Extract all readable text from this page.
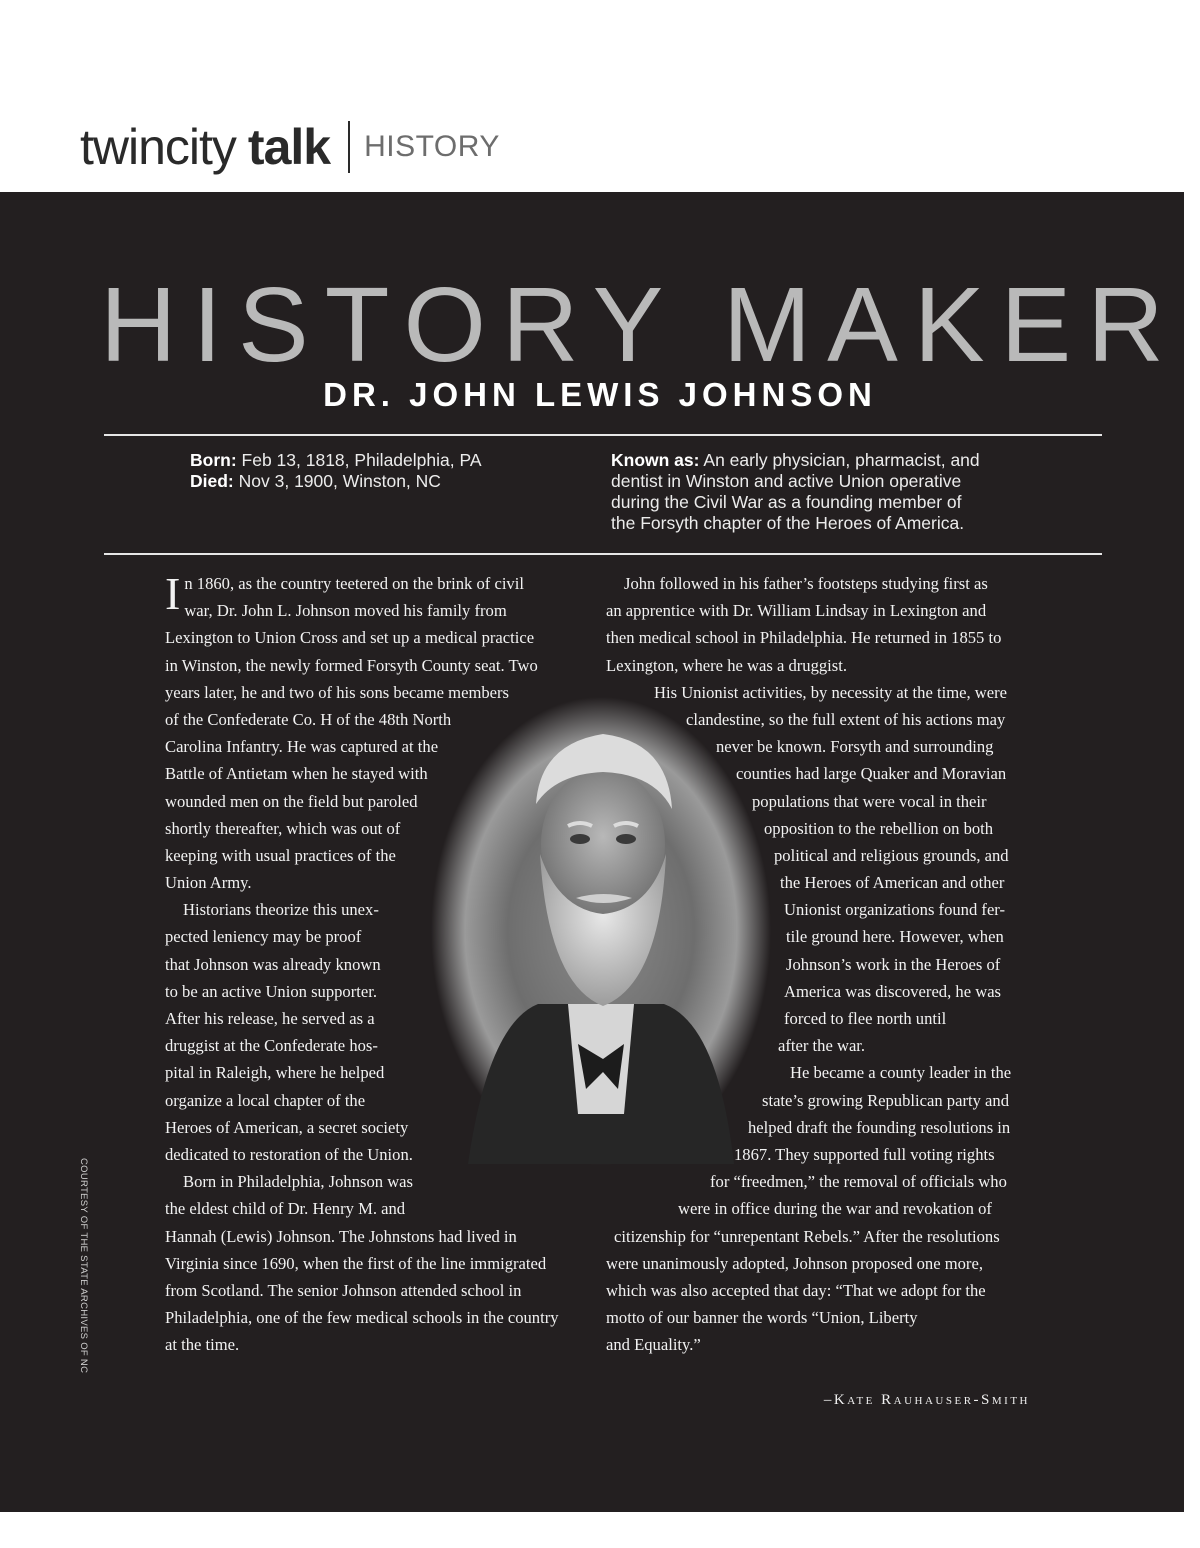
twincity talk HISTORY
HISTORY MAKER
DR. JOHN LEWIS JOHNSON
Born: Feb 13, 1818, Philadelphia, PA
Died: Nov 3, 1900, Winston, NC
Known as: An early physician, pharmacist, and
dentist in Winston and active Union operative
during the Civil War as a founding member of
the Forsyth chapter of the Heroes of America.
In 1860, as the country teetered on the brink of civil
war, Dr. John L. Johnson moved his family from
Lexington to Union Cross and set up a medical practice
in Winston, the newly formed Forsyth County seat. Two
years later, he and two of his sons became members
of the Confederate Co. H of the 48th North
Carolina Infantry. He was captured at the
Battle of Antietam when he stayed with
wounded men on the field but paroled
shortly thereafter, which was out of
keeping with usual practices of the
Union Army.
Historians theorize this unex-
pected leniency may be proof
that Johnson was already known
to be an active Union supporter.
After his release, he served as a
druggist at the Confederate hos-
pital in Raleigh, where he helped
organize a local chapter of the
Heroes of American, a secret society
dedicated to restoration of the Union.
Born in Philadelphia, Johnson was
the eldest child of Dr. Henry M. and
Hannah (Lewis) Johnson. The Johnstons had lived in
Virginia since 1690, when the first of the line immigrated
from Scotland. The senior Johnson attended school in
Philadelphia, one of the few medical schools in the country
at the time.
John followed in his father’s footsteps studying first as
an apprentice with Dr. William Lindsay in Lexington and
then medical school in Philadelphia. He returned in 1855 to
Lexington, where he was a druggist.
His Unionist activities, by necessity at the time, were
clandestine, so the full extent of his actions may
never be known. Forsyth and surrounding
counties had large Quaker and Moravian
populations that were vocal in their
opposition to the rebellion on both
political and religious grounds, and
the Heroes of American and other
Unionist organizations found fer-
tile ground here. However, when
Johnson’s work in the Heroes of
America was discovered, he was
forced to flee north until
after the war.
He became a county leader in the
state’s growing Republican party and
helped draft the founding resolutions in
1867. They supported full voting rights
for “freedmen,” the removal of officials who
were in office during the war and revokation of
citizenship for “unrepentant Rebels.” After the resolutions
were unanimously adopted, Johnson proposed one more,
which was also accepted that day: “That we adopt for the
motto of our banner the words “Union, Liberty
and Equality.”
COURTESY OF THE STATE ARCHIVES OF NC
–Kate Rauhauser-Smith
